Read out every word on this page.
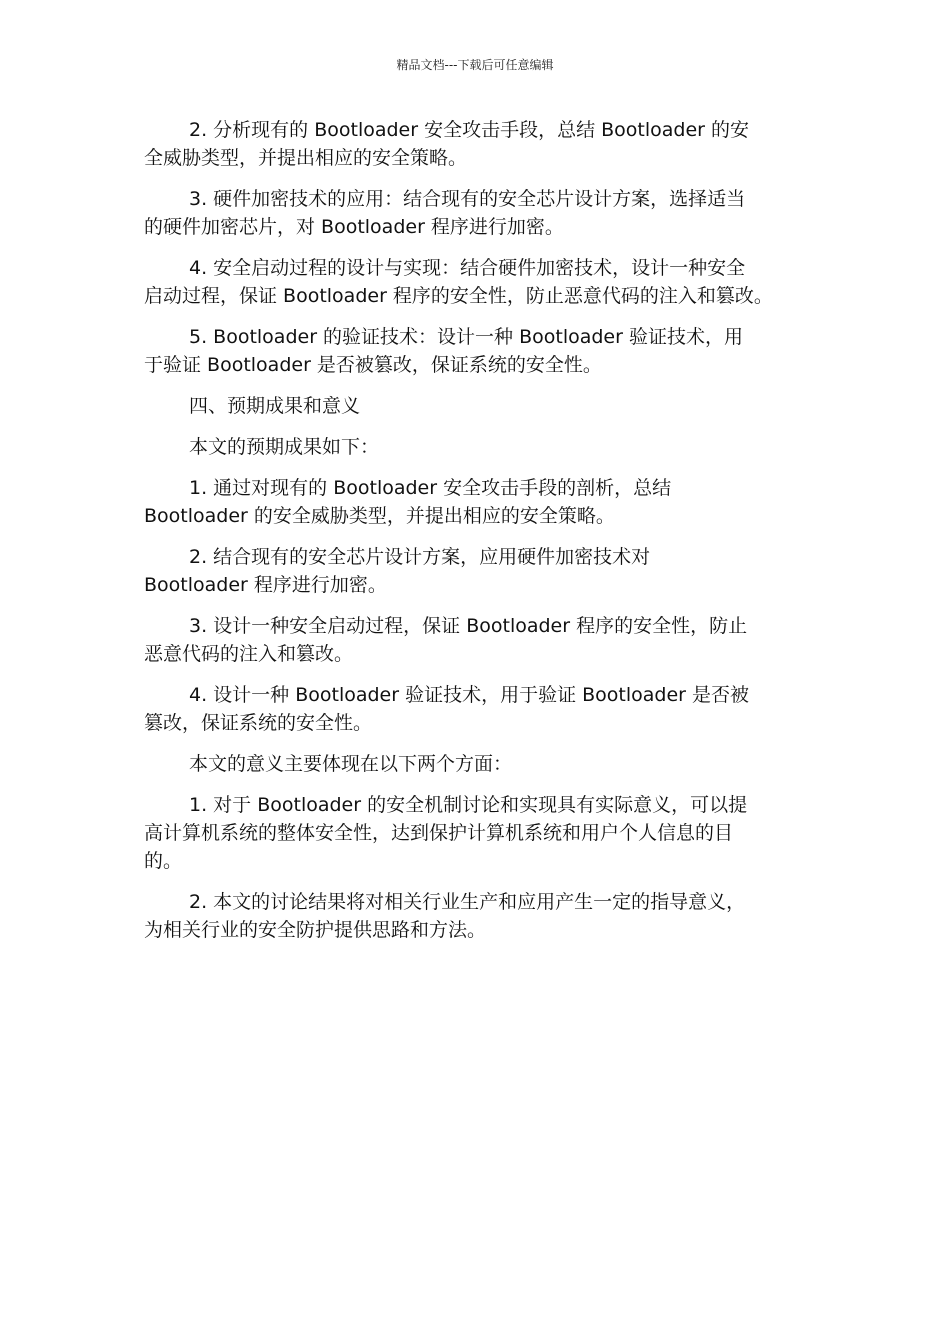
精品文档---下载后可任意编辑

2. 分析现有的 Bootloader 安全攻击手段，总结 Bootloader 的安
全威胁类型，并提出相应的安全策略。

3. 硬件加密技术的应用：结合现有的安全芯片设计方案，选择适当
的硬件加密芯片，对 Bootloader 程序进行加密。

4. 安全启动过程的设计与实现：结合硬件加密技术，设计一种安全
启动过程，保证 Bootloader 程序的安全性，防止恶意代码的注入和篡改。

5. Bootloader 的验证技术：设计一种 Bootloader 验证技术，用
于验证 Bootloader 是否被篡改，保证系统的安全性。

四、预期成果和意义

本文的预期成果如下：

1. 通过对现有的 Bootloader 安全攻击手段的剖析，总结
Bootloader 的安全威胁类型，并提出相应的安全策略。

2. 结合现有的安全芯片设计方案，应用硬件加密技术对
Bootloader 程序进行加密。

3. 设计一种安全启动过程，保证 Bootloader 程序的安全性，防止
恶意代码的注入和篡改。

4. 设计一种 Bootloader 验证技术，用于验证 Bootloader 是否被
篡改，保证系统的安全性。

本文的意义主要体现在以下两个方面：

1. 对于 Bootloader 的安全机制讨论和实现具有实际意义，可以提
高计算机系统的整体安全性，达到保护计算机系统和用户个人信息的目
的。

2. 本文的讨论结果将对相关行业生产和应用产生一定的指导意义，
为相关行业的安全防护提供思路和方法。
